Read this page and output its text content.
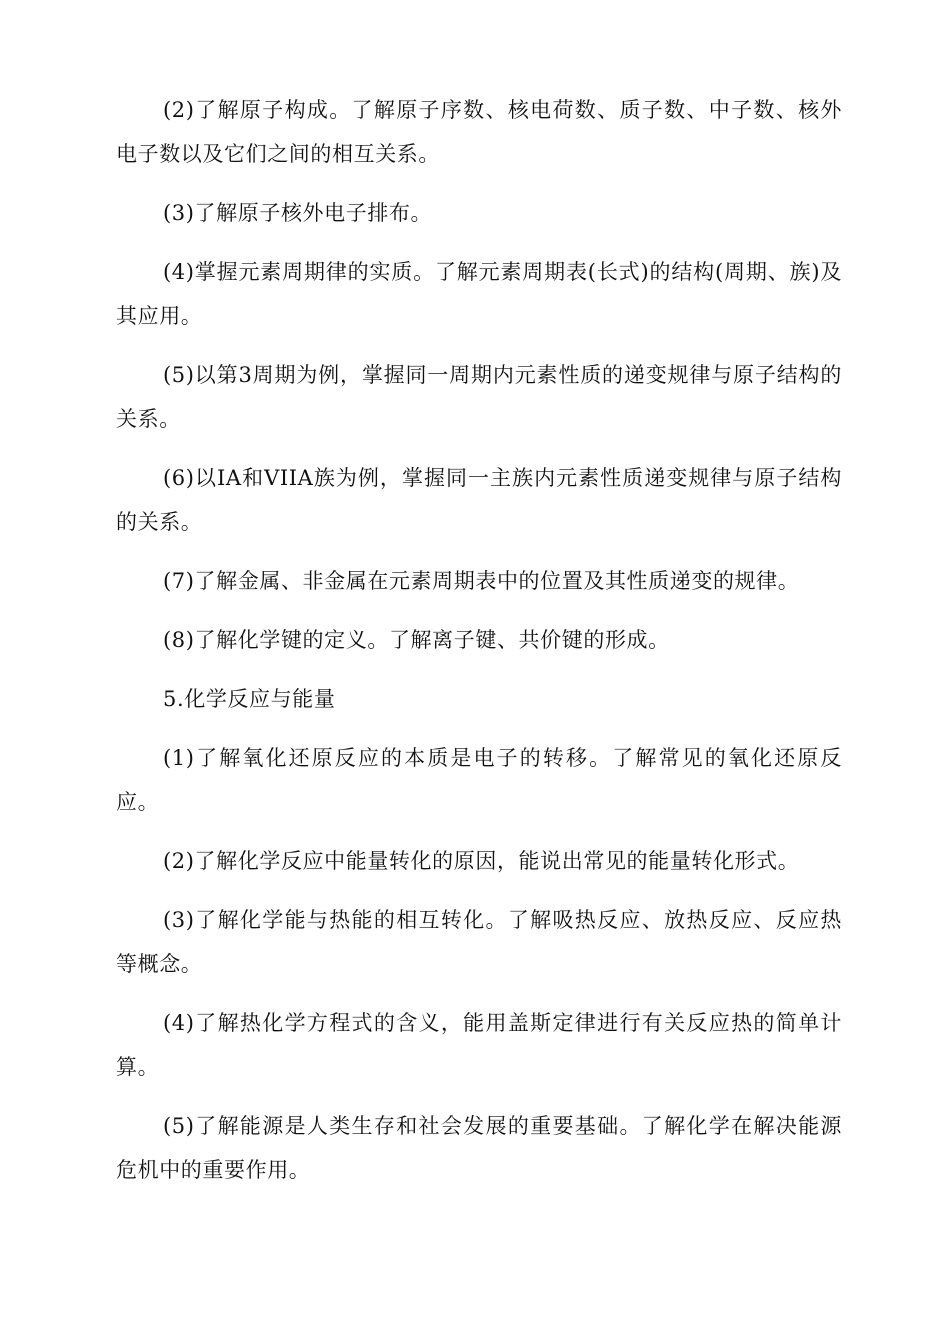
(2)了解原子构成。了解原子序数、核电荷数、质子数、中子数、核外电子数以及它们之间的相互关系。

(3)了解原子核外电子排布。

(4)掌握元素周期律的实质。了解元素周期表(长式)的结构(周期、族)及其应用。

(5)以第3周期为例，掌握同一周期内元素性质的递变规律与原子结构的关系。

(6)以IA和VIIA族为例，掌握同一主族内元素性质递变规律与原子结构的关系。

(7)了解金属、非金属在元素周期表中的位置及其性质递变的规律。

(8)了解化学键的定义。了解离子键、共价键的形成。

5.化学反应与能量

(1)了解氧化还原反应的本质是电子的转移。了解常见的氧化还原反应。

(2)了解化学反应中能量转化的原因，能说出常见的能量转化形式。

(3)了解化学能与热能的相互转化。了解吸热反应、放热反应、反应热等概念。

(4)了解热化学方程式的含义，能用盖斯定律进行有关反应热的简单计算。

(5)了解能源是人类生存和社会发展的重要基础。了解化学在解决能源危机中的重要作用。
